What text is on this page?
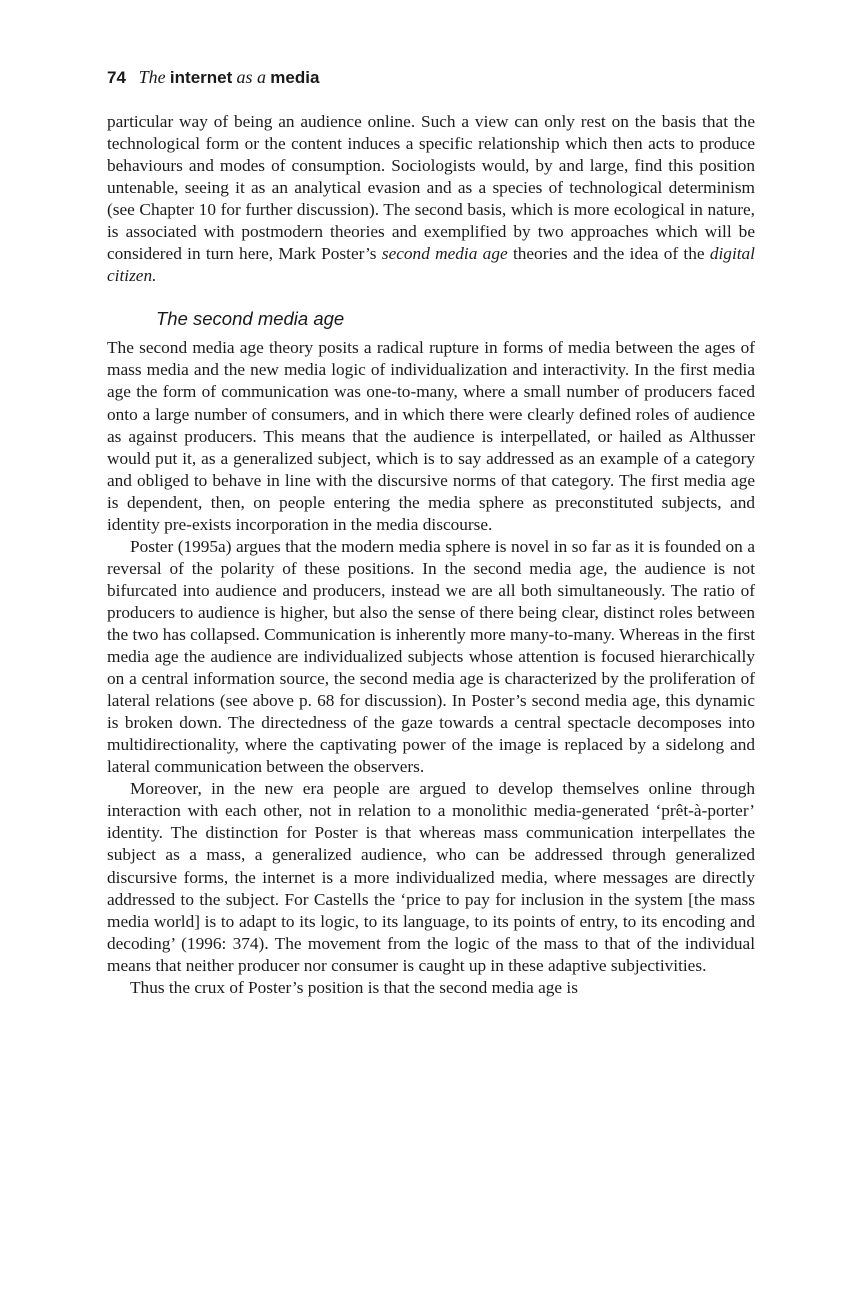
74 The internet as a media

particular way of being an audience online. Such a view can only rest on the basis that the technological form or the content induces a specific relationship which then acts to produce behaviours and modes of consumption. Sociologists would, by and large, find this position untenable, seeing it as an analytical evasion and as a species of technological determinism (see Chapter 10 for further discussion). The second basis, which is more ecological in nature, is associated with postmodern theories and exemplified by two approaches which will be considered in turn here, Mark Poster’s second media age theories and the idea of the digital citizen.

The second media age

The second media age theory posits a radical rupture in forms of media between the ages of mass media and the new media logic of individualization and interactivity. In the first media age the form of communication was one-to-many, where a small number of producers faced onto a large number of consumers, and in which there were clearly defined roles of audience as against producers. This means that the audience is interpellated, or hailed as Althusser would put it, as a generalized subject, which is to say addressed as an example of a category and obliged to behave in line with the discursive norms of that category. The first media age is dependent, then, on people entering the media sphere as preconstituted subjects, and identity pre-exists incorporation in the media discourse.

Poster (1995a) argues that the modern media sphere is novel in so far as it is founded on a reversal of the polarity of these positions. In the second media age, the audience is not bifurcated into audience and producers, instead we are all both simultaneously. The ratio of producers to audience is higher, but also the sense of there being clear, distinct roles between the two has collapsed. Communication is inherently more many-to-many. Whereas in the first media age the audience are individualized subjects whose attention is focused hierarchically on a central information source, the second media age is characterized by the proliferation of lateral relations (see above p. 68 for discussion). In Poster’s second media age, this dynamic is broken down. The directedness of the gaze towards a central spectacle decomposes into multidirectionality, where the captivating power of the image is replaced by a sidelong and lateral communication between the observers.

Moreover, in the new era people are argued to develop themselves online through interaction with each other, not in relation to a monolithic media-generated ‘prêt-à-porter’ identity. The distinction for Poster is that whereas mass communication interpellates the subject as a mass, a generalized audience, who can be addressed through generalized discursive forms, the internet is a more individualized media, where messages are directly addressed to the subject. For Castells the ‘price to pay for inclusion in the system [the mass media world] is to adapt to its logic, to its language, to its points of entry, to its encoding and decoding’ (1996: 374). The movement from the logic of the mass to that of the individual means that neither producer nor consumer is caught up in these adaptive subjectivities.

Thus the crux of Poster’s position is that the second media age is
